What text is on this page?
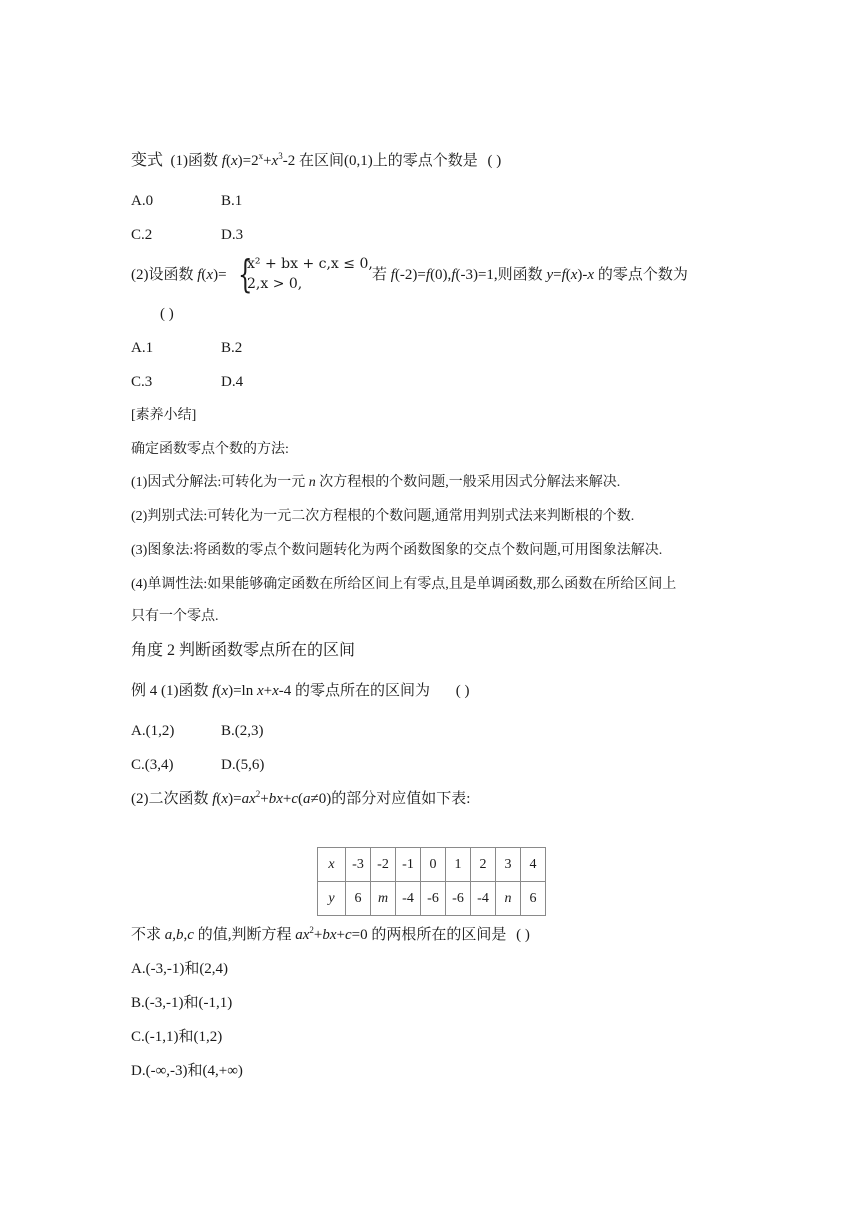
变式 (1)函数 $f(x)=2^x+x^3-2$ 在区间(0,1)上的零点个数是 ( )
A.0	B.1
C.2	D.3
(2)设函数 f(x)= {
x² + bx + c,x ≤ 0,
2,x > 0,
若 f(-2)=f(0),f(-3)=1,则函数 y=f(x)-x 的零点个数为
( )
A.1	B.2
C.3	D.4
[素养小结]
确定函数零点个数的方法:
(1)因式分解法:可转化为一元 n 次方程根的个数问题,一般采用因式分解法来解决.
(2)判别式法:可转化为一元二次方程根的个数问题,通常用判别式法来判断根的个数.
(3)图象法:将函数的零点个数问题转化为两个函数图象的交点个数问题,可用图象法解决.
(4)单调性法:如果能够确定函数在所给区间上有零点,且是单调函数,那么函数在所给区间上
只有一个零点.
角度 2 判断函数零点所在的区间
例 4 (1)函数 f(x)=ln x+x-4 的零点所在的区间为 ( )
A.(1,2)	B.(2,3)
C.(3,4)	D.(5,6)
(2)二次函数 $f(x)=ax^2+bx+c(a\ne 0)$的部分对应值如下表:
x	-3	-2	-1	0	1	2	3	4
y	6	m	-4	-6	-6	-4	n	6
不求 a,b,c 的值,判断方程 $ax^2+bx+c=0$ 的两根所在的区间是 ( )
A.(-3,-1)和(2,4)
B.(-3,-1)和(-1,1)
C.(-1,1)和(1,2)
D.(-∞,-3)和(4,+∞)
